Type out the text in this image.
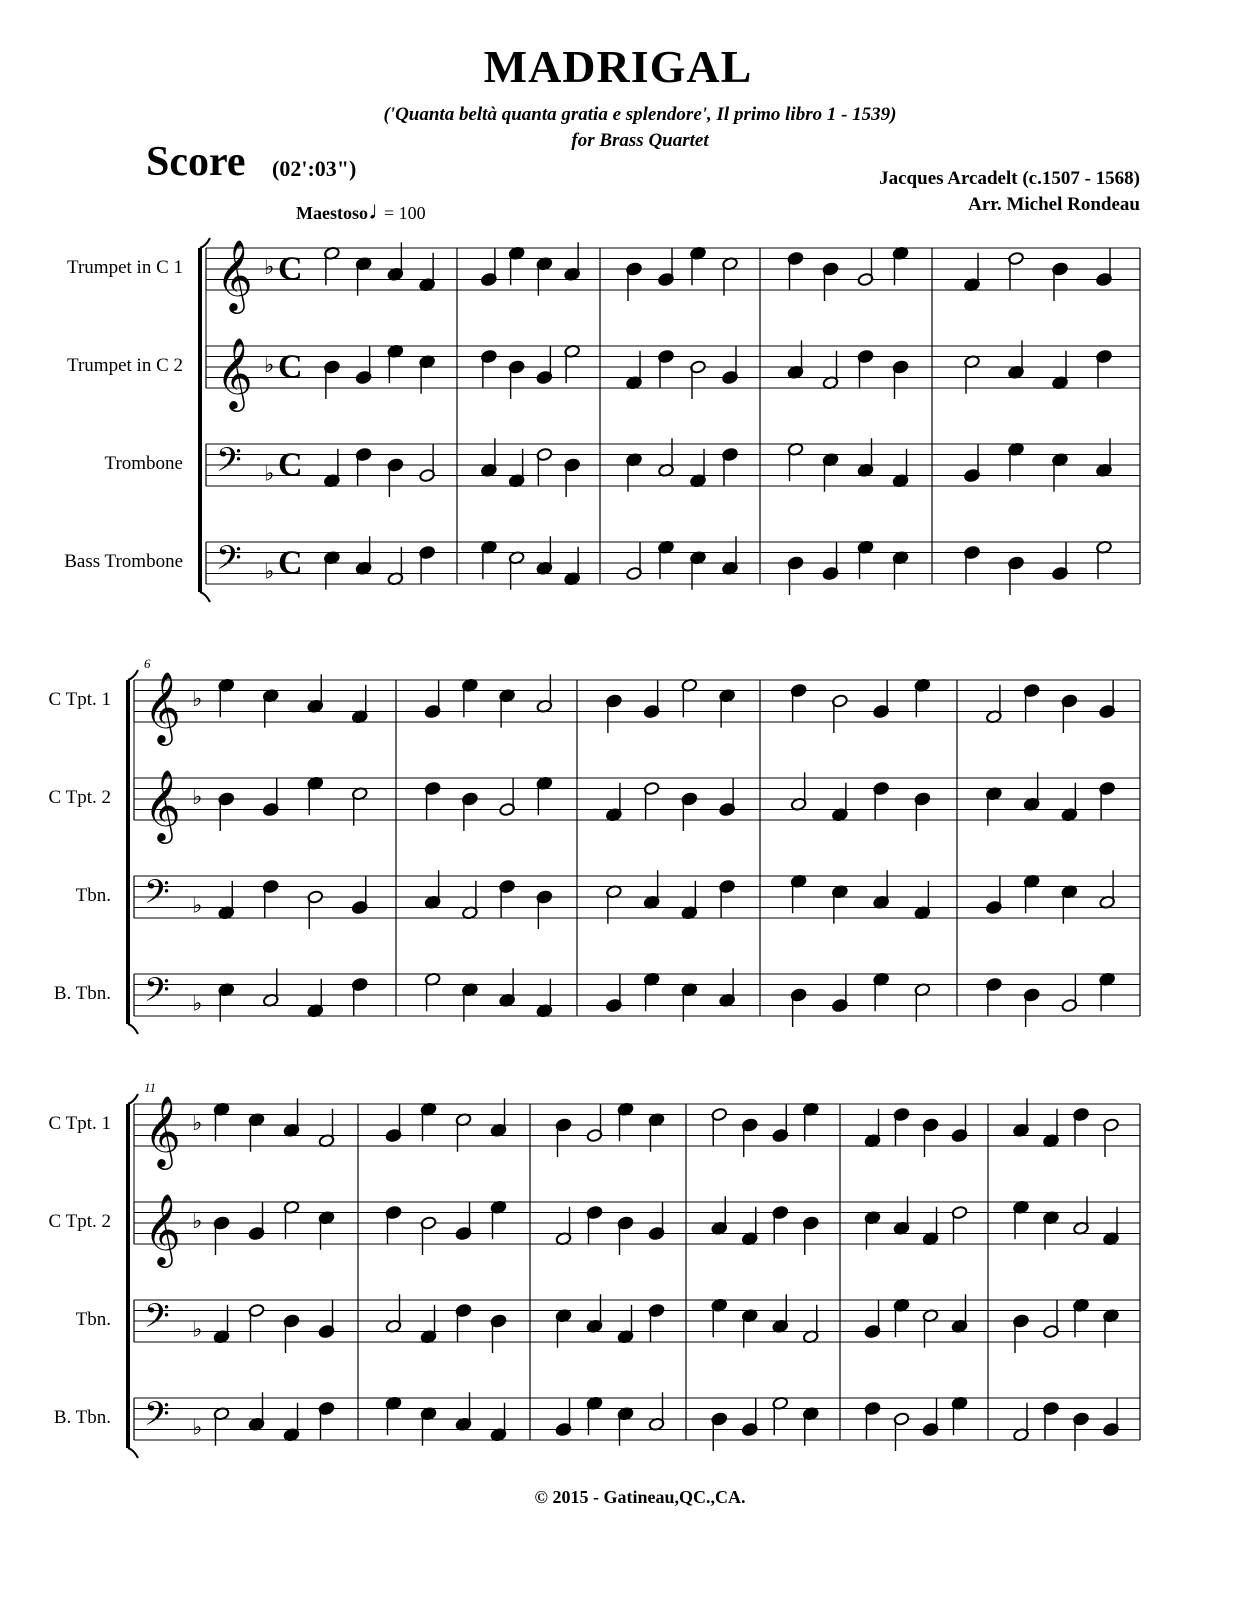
MADRIGAL
('Quanta beltà quanta gratia e splendore', Il primo libro 1 - 1539)
for Brass Quartet
Score (02':03")	Jacques Arcadelt (c.1507 - 1568)
Arr. Michel Rondeau
Maestoso ♩
= 100
𝄞 ♭ C
𝄞 ♭ C
𝄢 ♭ C
𝄢 ♭ C
6
𝄞 ♭
𝄞 ♭
𝄢 ♭
𝄢 ♭
11
𝄞 ♭
𝄞 ♭
𝄢 ♭
𝄢 ♭
Trumpet in C 1
Trumpet in C 2
Trombone
Bass Trombone
C Tpt. 1
C Tpt. 2
Tbn.
B. Tbn.
C Tpt. 1
C Tpt. 2
Tbn.
B. Tbn.
© 2015 - Gatineau,QC.,CA.
